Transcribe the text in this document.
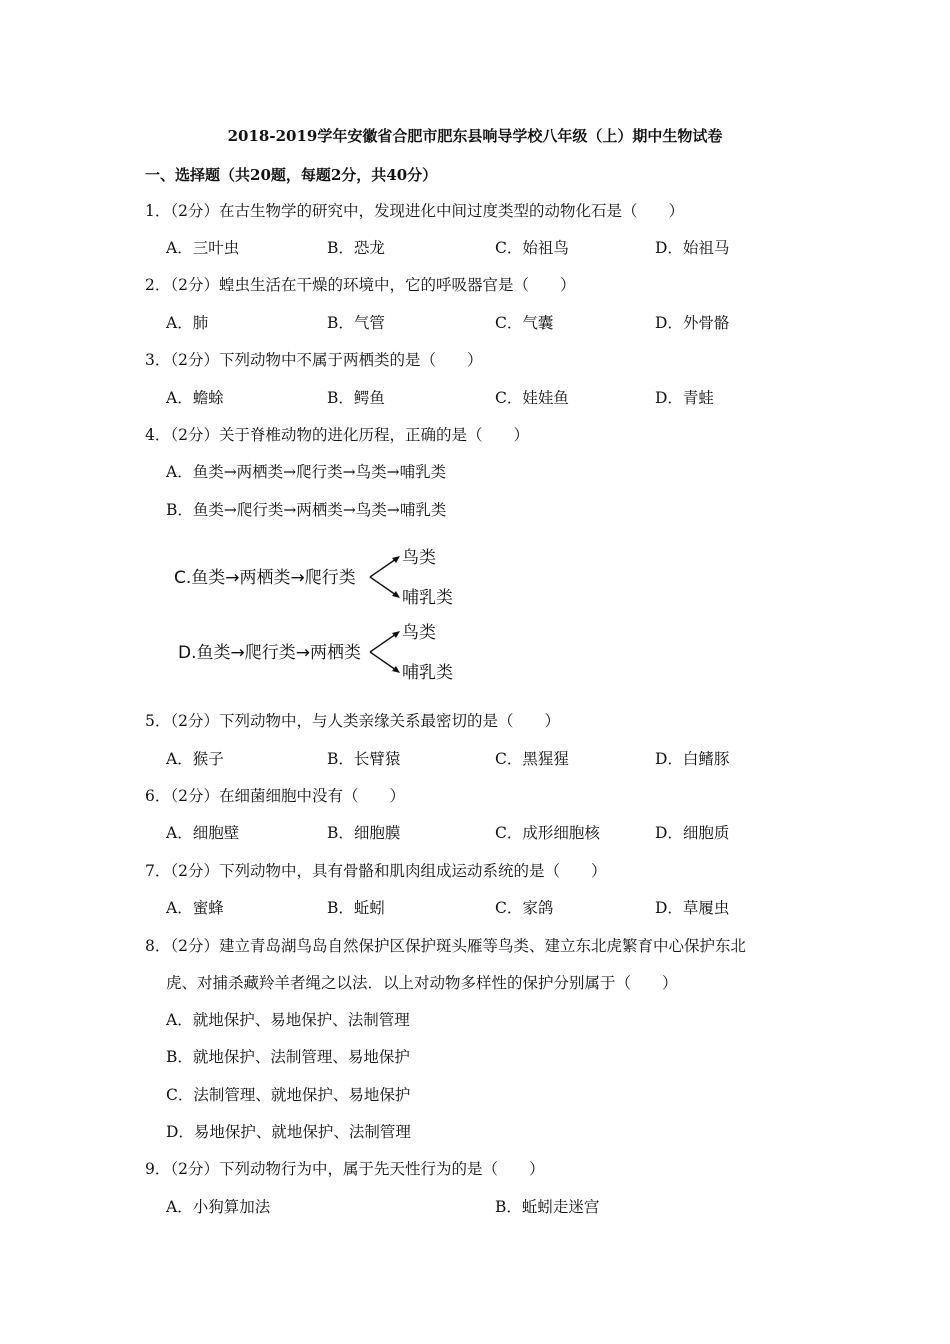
2018-2019学年安徽省合肥市肥东县响导学校八年级（上）期中生物试卷
一、选择题（共20题，每题2分，共40分）
1．（2分）在古生物学的研究中，发现进化中间过度类型的动物化石是（　　）
A．三叶虫	B．恐龙	C．始祖鸟	D．始祖马
2．（2分）蝗虫生活在干燥的环境中，它的呼吸器官是（　　）
A．肺	B．气管	C．气囊	D．外骨骼
3．（2分）下列动物中不属于两栖类的是（　　）
A．蟾蜍	B．鳄鱼	C．娃娃鱼	D．青蛙
4．（2分）关于脊椎动物的进化历程，正确的是（　　）
A．鱼类→两栖类→爬行类→鸟类→哺乳类
B．鱼类→爬行类→两栖类→鸟类→哺乳类
C.鱼类→两栖类→爬行类
鸟类
哺乳类
D.鱼类→爬行类→两栖类
鸟类
哺乳类
5．（2分）下列动物中，与人类亲缘关系最密切的是（　　）
A．猴子	B．长臂猿	C．黑猩猩	D．白鳍豚
6．（2分）在细菌细胞中没有（　　）
A．细胞壁	B．细胞膜	C．成形细胞核	D．细胞质
7．（2分）下列动物中，具有骨骼和肌肉组成运动系统的是（　　）
A．蜜蜂	B．蚯蚓	C．家鸽	D．草履虫
8．（2分）建立青岛湖鸟岛自然保护区保护斑头雁等鸟类、建立东北虎繁育中心保护东北
虎、对捕杀藏羚羊者绳之以法．以上对动物多样性的保护分别属于（　　）
A．就地保护、易地保护、法制管理
B．就地保护、法制管理、易地保护
C．法制管理、就地保护、易地保护
D．易地保护、就地保护、法制管理
9．（2分）下列动物行为中，属于先天性行为的是（　　）
A．小狗算加法	B．蚯蚓走迷宫
